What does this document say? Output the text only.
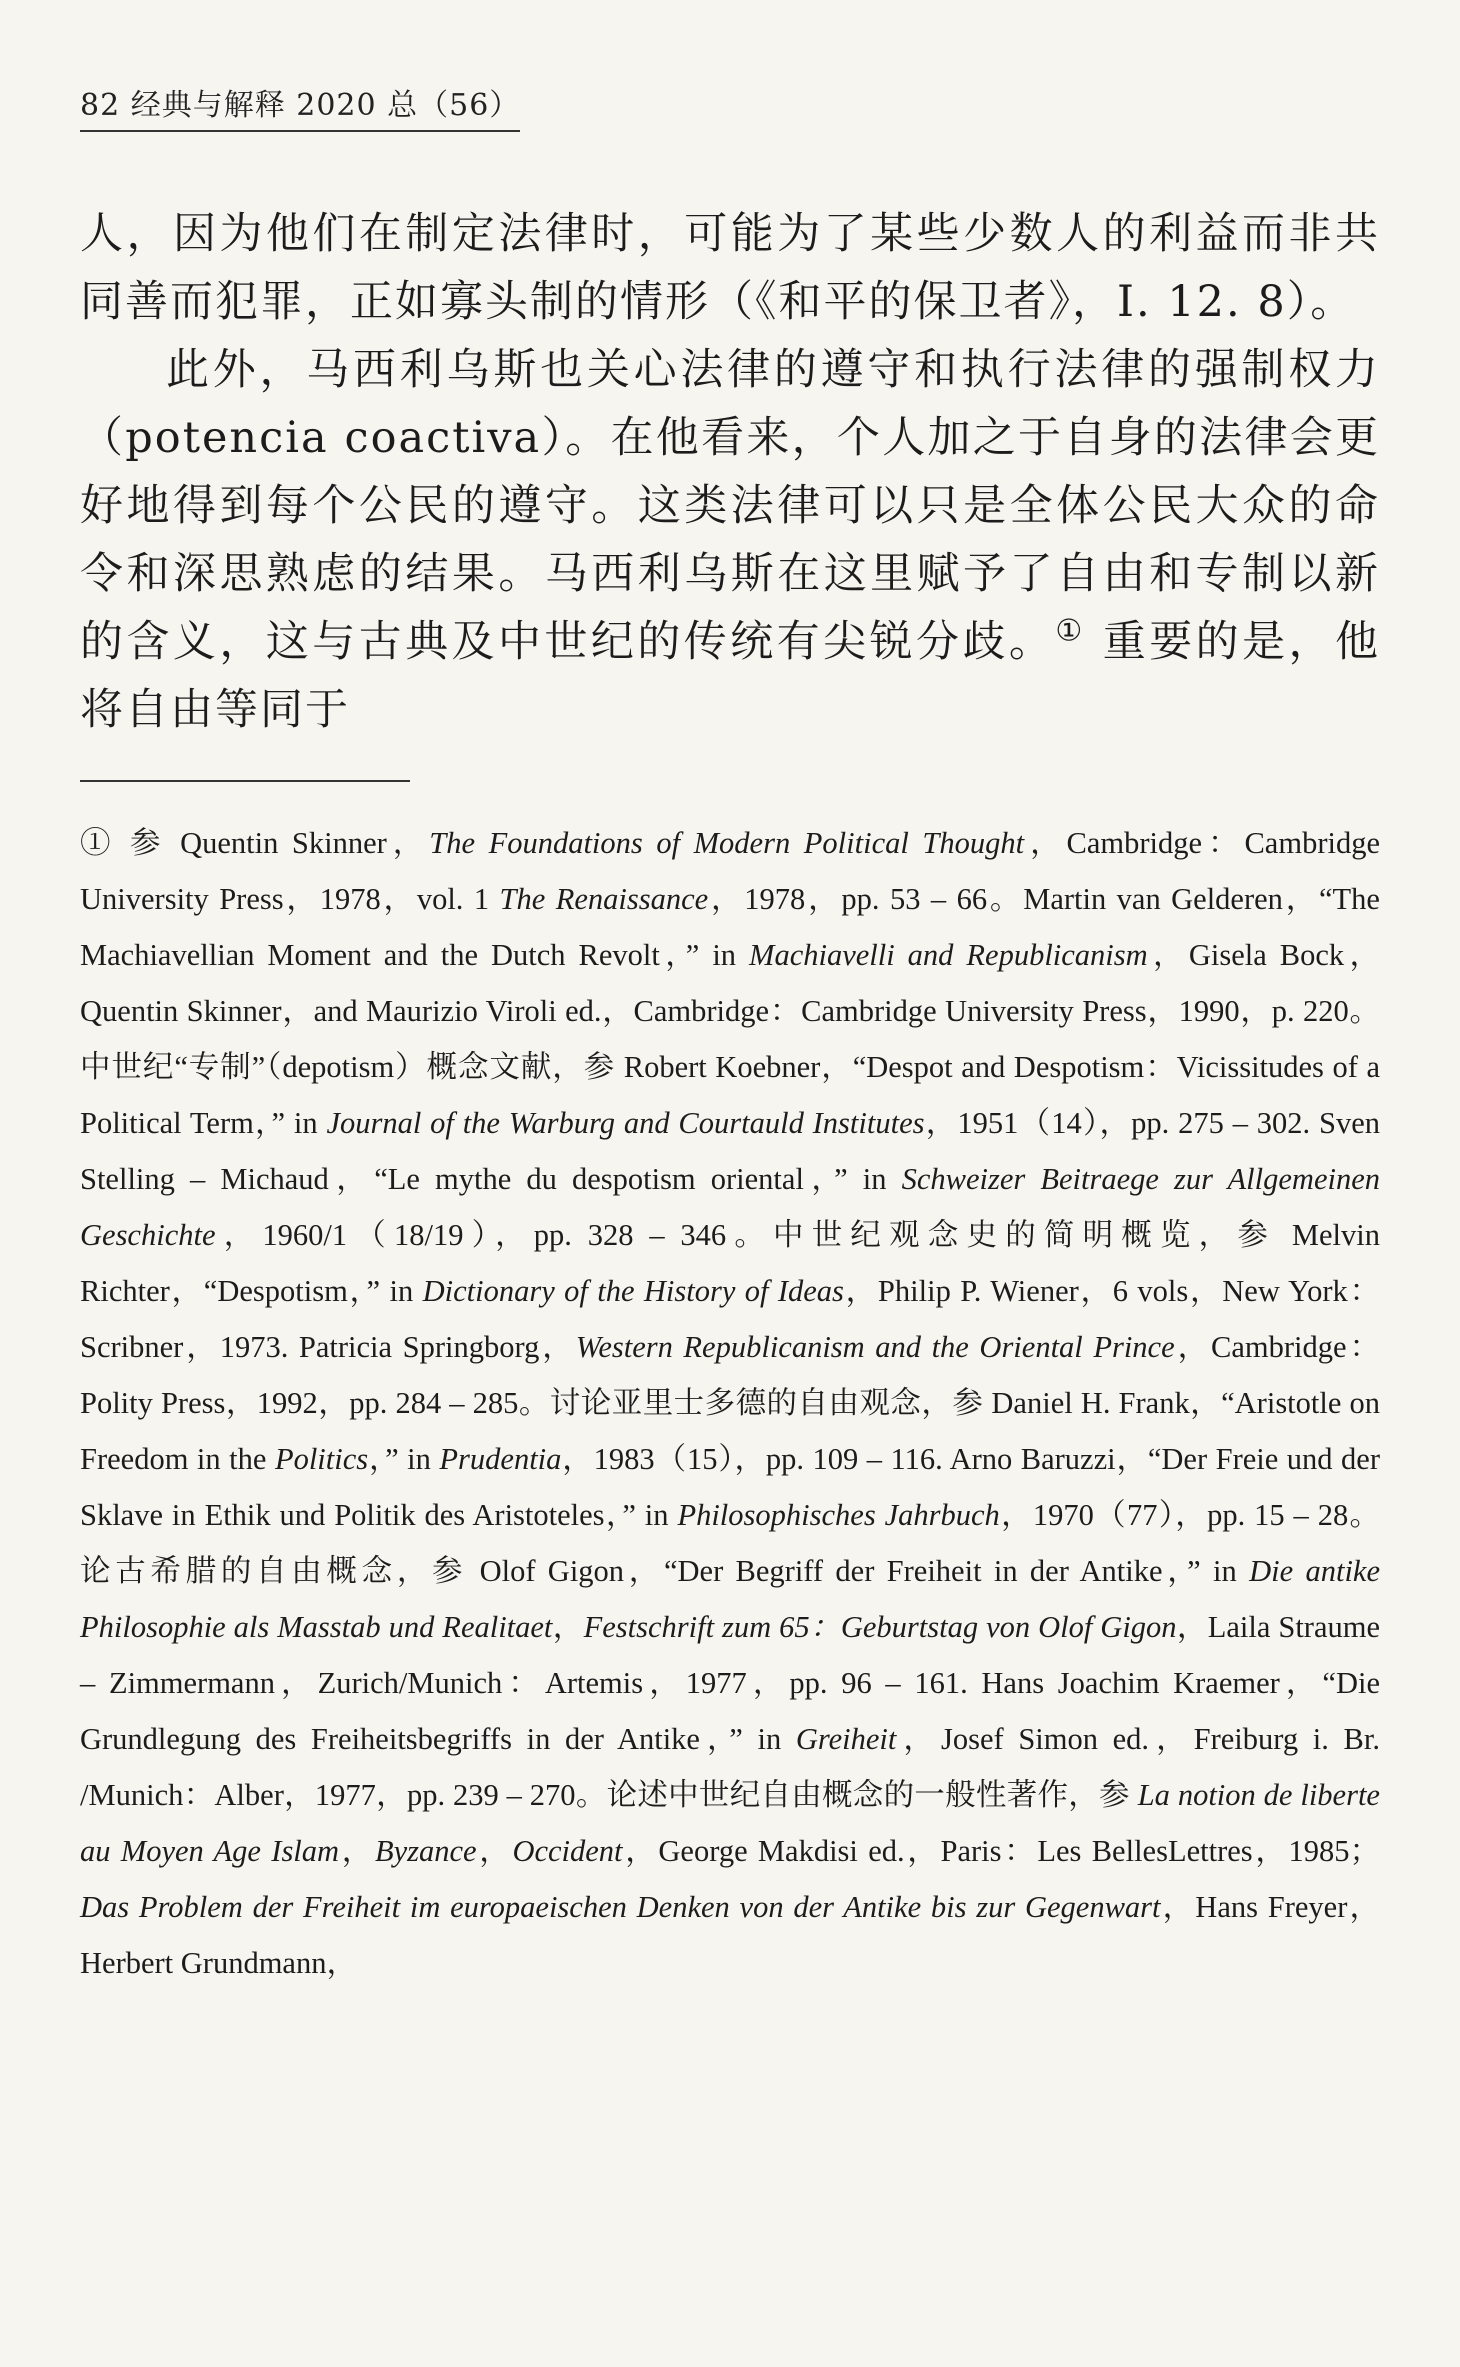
82 经典与解释 2020 总（56）

人，因为他们在制定法律时，可能为了某些少数人的利益而非共同善而犯罪，正如寡头制的情形（《和平的保卫者》，I. 12. 8）。

此外，马西利乌斯也关心法律的遵守和执行法律的强制权力（potencia coactiva）。在他看来，个人加之于自身的法律会更好地得到每个公民的遵守。这类法律可以只是全体公民大众的命令和深思熟虑的结果。马西利乌斯在这里赋予了自由和专制以新的含义，这与古典及中世纪的传统有尖锐分歧。① 重要的是，他将自由等同于

① 参 Quentin Skinner，The Foundations of Modern Political Thought，Cambridge：Cambridge University Press，1978，vol. 1 The Renaissance，1978，pp. 53 – 66。Martin van Gelderen，“The Machiavellian Moment and the Dutch Revolt，” in Machiavelli and Republicanism，Gisela Bock，Quentin Skinner，and Maurizio Viroli ed.，Cambridge：Cambridge University Press，1990，p. 220。中世纪“专制”（depotism）概念文献，参 Robert Koebner，“Despot and Despotism：Vicissitudes of a Political Term，” in Journal of the Warburg and Courtauld Institutes，1951（14），pp. 275 – 302. Sven Stelling – Michaud，“Le mythe du despotism oriental，” in Schweizer Beitraege zur Allgemeinen Geschichte，1960/1（18/19），pp. 328 – 346。中世纪观念史的简明概览，参 Melvin Richter，“Despotism，” in Dictionary of the History of Ideas，Philip P. Wiener，6 vols，New York：Scribner，1973. Patricia Springborg，Western Republicanism and the Oriental Prince，Cambridge：Polity Press，1992，pp. 284 – 285。讨论亚里士多德的自由观念，参 Daniel H. Frank，“Aristotle on Freedom in the Politics，” in Prudentia，1983（15），pp. 109 – 116. Arno Baruzzi，“Der Freie und der Sklave in Ethik und Politik des Aristoteles，” in Philosophisches Jahrbuch，1970（77），pp. 15 – 28。论古希腊的自由概念，参 Olof Gigon，“Der Begriff der Freiheit in der Antike，” in Die antike Philosophie als Masstab und Realitaet，Festschrift zum 65：Geburtstag von Olof Gigon，Laila Straume – Zimmermann，Zurich/Munich：Artemis，1977，pp. 96 – 161. Hans Joachim Kraemer，“Die Grundlegung des Freiheitsbegriffs in der Antike，” in Greiheit，Josef Simon ed.，Freiburg i. Br. /Munich：Alber，1977，pp. 239 – 270。论述中世纪自由概念的一般性著作，参 La notion de liberte au Moyen Age Islam，Byzance，Occident，George Makdisi ed.，Paris：Les BellesLettres，1985；Das Problem der Freiheit im europaeischen Denken von der Antike bis zur Gegenwart，Hans Freyer，Herbert Grundmann，
